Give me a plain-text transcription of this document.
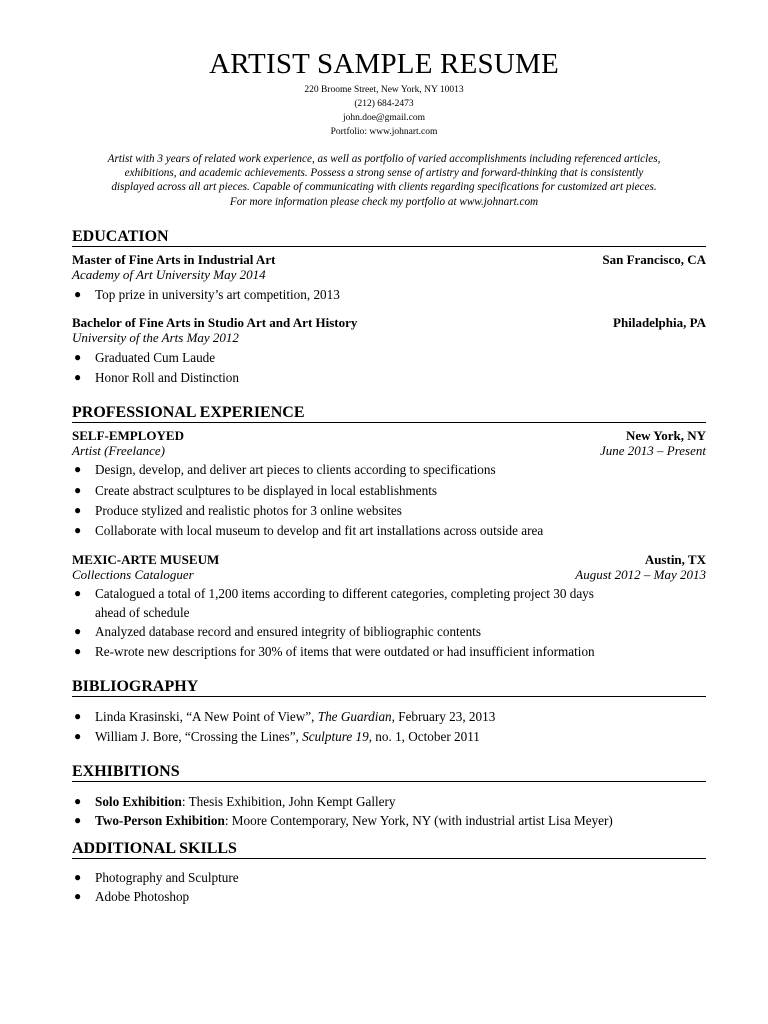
ARTIST SAMPLE RESUME
220 Broome Street, New York, NY 10013
(212) 684-2473
john.doe@gmail.com
Portfolio: www.johnart.com
Artist with 3 years of related work experience, as well as portfolio of varied accomplishments including referenced articles,
exhibitions, and academic achievements. Possess a strong sense of artistry and forward-thinking that is consistently
displayed across all art pieces. Capable of communicating with clients regarding specifications for customized art pieces.
For more information please check my portfolio at www.johnart.com
EDUCATION
Master of Fine Arts in Industrial Art	San Francisco, CA
Academy of Art University May 2014
● Top prize in university’s art competition, 2013
Bachelor of Fine Arts in Studio Art and Art History	Philadelphia, PA
University of the Arts May 2012
● Graduated Cum Laude
● Honor Roll and Distinction
PROFESSIONAL EXPERIENCE
SELF-EMPLOYED	New York, NY
Artist (Freelance)	June 2013 – Present
● Design, develop, and deliver art pieces to clients according to specifications
● Create abstract sculptures to be displayed in local establishments
● Produce stylized and realistic photos for 3 online websites
● Collaborate with local museum to develop and fit art installations across outside area
MEXIC-ARTE MUSEUM	Austin, TX
Collections Cataloguer	August 2012 – May 2013
● Catalogued a total of 1,200 items according to different categories, completing project 30 days
ahead of schedule
● Analyzed database record and ensured integrity of bibliographic contents
● Re-wrote new descriptions for 30% of items that were outdated or had insufficient information
BIBLIOGRAPHY
● Linda Krasinski, “A New Point of View”, The Guardian, February 23, 2013
● William J. Bore, “Crossing the Lines”, Sculpture 19, no. 1, October 2011
EXHIBITIONS
● Solo Exhibition: Thesis Exhibition, John Kempt Gallery
● Two-Person Exhibition: Moore Contemporary, New York, NY (with industrial artist Lisa Meyer)
ADDITIONAL SKILLS
● Photography and Sculpture
● Adobe Photoshop
